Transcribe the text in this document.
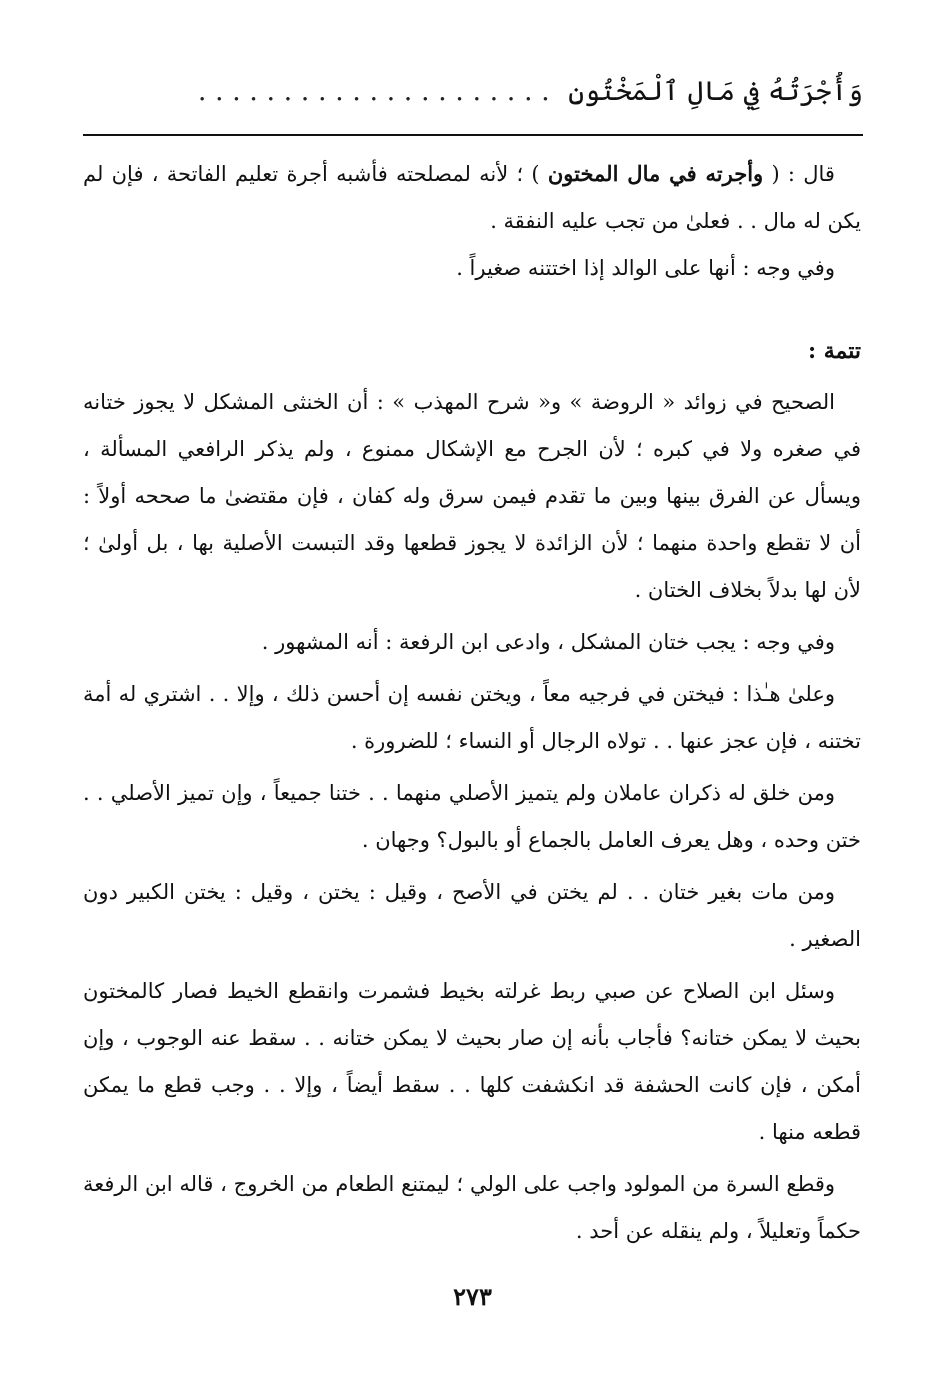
وَأُجْرَتُهُ فِي مَالِ ٱلْمَخْتُونِ . . . . . . . . . . . . . . . . . . . . .

قال : ( وأجرته في مال المختون ) ؛ لأنه لمصلحته فأشبه أجرة تعليم الفاتحة ، فإن لم يكن له مال . . فعلىٰ من تجب عليه النفقة .

وفي وجه : أنها على الوالد إذا اختتنه صغيراً .

تتمة :

الصحيح في زوائد « الروضة » و« شرح المهذب » : أن الخنثى المشكل لا يجوز ختانه في صغره ولا في كبره ؛ لأن الجرح مع الإشكال ممنوع ، ولم يذكر الرافعي المسألة ، ويسأل عن الفرق بينها وبين ما تقدم فيمن سرق وله كفان ، فإن مقتضىٰ ما صححه أولاً : أن لا تقطع واحدة منهما ؛ لأن الزائدة لا يجوز قطعها وقد التبست الأصلية بها ، بل أولىٰ ؛ لأن لها بدلاً بخلاف الختان .

وفي وجه : يجب ختان المشكل ، وادعى ابن الرفعة : أنه المشهور .

وعلىٰ هـٰذا : فيختن في فرجيه معاً ، ويختن نفسه إن أحسن ذلك ، وإلا . . اشتري له أمة تختنه ، فإن عجز عنها . . تولاه الرجال أو النساء ؛ للضرورة .

ومن خلق له ذكران عاملان ولم يتميز الأصلي منهما . . ختنا جميعاً ، وإن تميز الأصلي . . ختن وحده ، وهل يعرف العامل بالجماع أو بالبول؟ وجهان .

ومن مات بغير ختان . . لم يختن في الأصح ، وقيل : يختن ، وقيل : يختن الكبير دون الصغير .

وسئل ابن الصلاح عن صبي ربط غرلته بخيط فشمرت وانقطع الخيط فصار كالمختون بحيث لا يمكن ختانه؟ فأجاب بأنه إن صار بحيث لا يمكن ختانه . . سقط عنه الوجوب ، وإن أمكن ، فإن كانت الحشفة قد انكشفت كلها . . سقط أيضاً ، وإلا . . وجب قطع ما يمكن قطعه منها .

وقطع السرة من المولود واجب على الولي ؛ ليمتنع الطعام من الخروج ، قاله ابن الرفعة حكماً وتعليلاً ، ولم ينقله عن أحد .

٢٧٣
